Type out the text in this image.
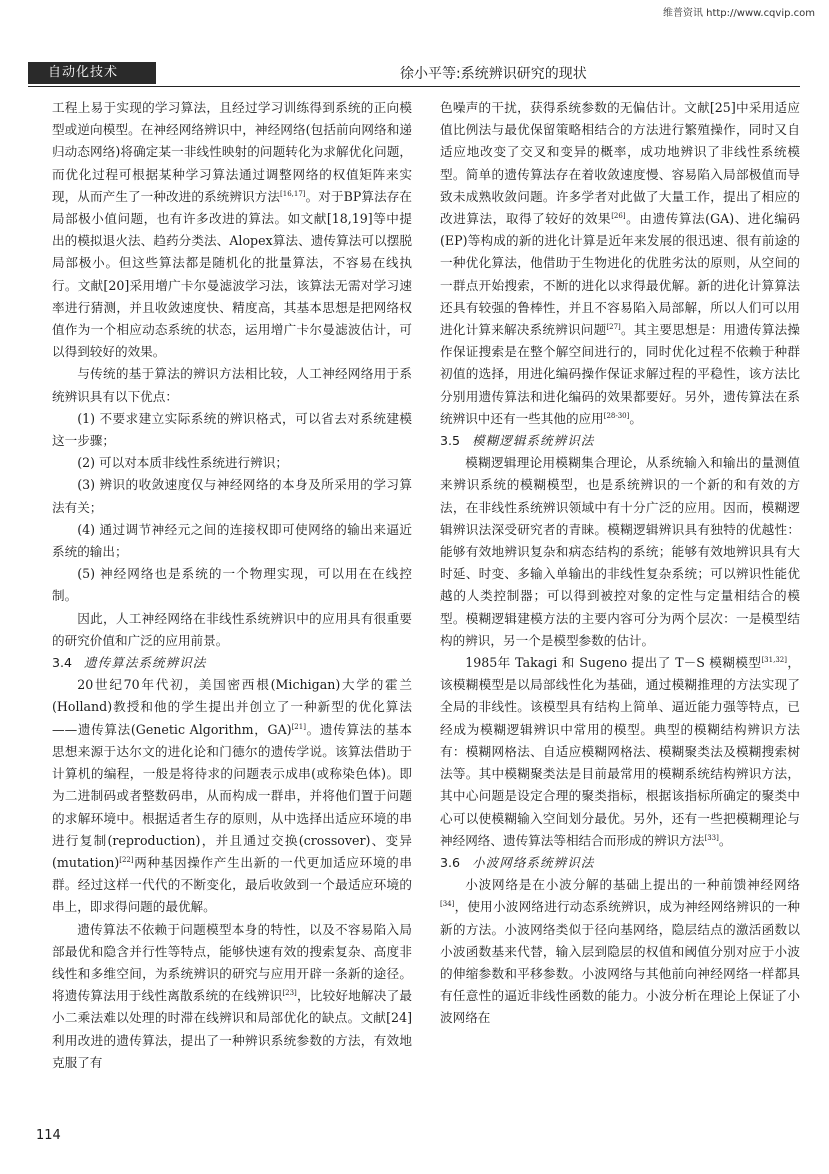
维普资讯 http://www.cqvip.com
自动化技术	徐小平等:系统辨识研究的现状

工程上易于实现的学习算法，且经过学习训练得到系统的正向模型或逆向模型。在神经网络辨识中，神经网络(包括前向网络和递归动态网络)将确定某一非线性映射的问题转化为求解优化问题，而优化过程可根据某种学习算法通过调整网络的权值矩阵来实现，从而产生了一种改进的系统辨识方法[16,17]。对于BP算法存在局部极小值问题，也有许多改进的算法。如文献[18,19]等中提出的模拟退火法、趋药分类法、Alopex算法、遗传算法可以摆脱局部极小。但这些算法都是随机化的批量算法，不容易在线执行。文献[20]采用增广卡尔曼滤波学习法，该算法无需对学习速率进行猜测，并且收敛速度快、精度高，其基本思想是把网络权值作为一个相应动态系统的状态，运用增广卡尔曼滤波估计，可以得到较好的效果。

与传统的基于算法的辨识方法相比较，人工神经网络用于系统辨识具有以下优点：

(1) 不要求建立实际系统的辨识格式，可以省去对系统建模这一步骤；

(2) 可以对本质非线性系统进行辨识；

(3) 辨识的收敛速度仅与神经网络的本身及所采用的学习算法有关；

(4) 通过调节神经元之间的连接权即可使网络的输出来逼近系统的输出；

(5) 神经网络也是系统的一个物理实现，可以用在在线控制。

因此，人工神经网络在非线性系统辨识中的应用具有很重要的研究价值和广泛的应用前景。

3.4 遗传算法系统辨识法

20世纪70年代初，美国密西根(Michigan)大学的霍兰(Holland)教授和他的学生提出并创立了一种新型的优化算法——遗传算法(Genetic Algorithm，GA)[21]。遗传算法的基本思想来源于达尔文的进化论和门德尔的遗传学说。该算法借助于计算机的编程，一般是将待求的问题表示成串(或称染色体)。即为二进制码或者整数码串，从而构成一群串，并将他们置于问题的求解环境中。根据适者生存的原则，从中选择出适应环境的串进行复制(reproduction)，并且通过交换(crossover)、变异(mutation)[22]两种基因操作产生出新的一代更加适应环境的串群。经过这样一代代的不断变化，最后收敛到一个最适应环境的串上，即求得问题的最优解。

遗传算法不依赖于问题模型本身的特性，以及不容易陷入局部最优和隐含并行性等特点，能够快速有效的搜索复杂、高度非线性和多维空间，为系统辨识的研究与应用开辟一条新的途径。将遗传算法用于线性离散系统的在线辨识[23]，比较好地解决了最小二乘法难以处理的时滞在线辨识和局部优化的缺点。文献[24]利用改进的遗传算法，提出了一种辨识系统参数的方法，有效地克服了有

色噪声的干扰，获得系统参数的无偏估计。文献[25]中采用适应值比例法与最优保留策略相结合的方法进行繁殖操作，同时又自适应地改变了交叉和变异的概率，成功地辨识了非线性系统模型。简单的遗传算法存在着收敛速度慢、容易陷入局部极值而导致未成熟收敛问题。许多学者对此做了大量工作，提出了相应的改进算法，取得了较好的效果[26]。由遗传算法(GA)、进化编码(EP)等构成的新的进化计算是近年来发展的很迅速、很有前途的一种优化算法，他借助于生物进化的优胜劣汰的原则，从空间的一群点开始搜索，不断的进化以求得最优解。新的进化计算算法还具有较强的鲁棒性，并且不容易陷入局部解，所以人们可以用进化计算来解决系统辨识问题[27]。其主要思想是：用遗传算法操作保证搜索是在整个解空间进行的，同时优化过程不依赖于种群初值的选择，用进化编码操作保证求解过程的平稳性，该方法比分别用遗传算法和进化编码的效果都要好。另外，遗传算法在系统辨识中还有一些其他的应用[28-30]。

3.5 模糊逻辑系统辨识法

模糊逻辑理论用模糊集合理论，从系统输入和输出的量测值来辨识系统的模糊模型，也是系统辨识的一个新的和有效的方法，在非线性系统辨识领域中有十分广泛的应用。因而，模糊逻辑辨识法深受研究者的青睐。模糊逻辑辨识具有独特的优越性：能够有效地辨识复杂和病态结构的系统；能够有效地辨识具有大时延、时变、多输入单输出的非线性复杂系统；可以辨识性能优越的人类控制器；可以得到被控对象的定性与定量相结合的模型。模糊逻辑建模方法的主要内容可分为两个层次：一是模型结构的辨识，另一个是模型参数的估计。

1985年 Takagi 和 Sugeno 提出了 T－S 模糊模型[31,32]，该模糊模型是以局部线性化为基础，通过模糊推理的方法实现了全局的非线性。该模型具有结构上简单、逼近能力强等特点，已经成为模糊逻辑辨识中常用的模型。典型的模糊结构辨识方法有：模糊网格法、自适应模糊网格法、模糊聚类法及模糊搜索树法等。其中模糊聚类法是目前最常用的模糊系统结构辨识方法，其中心问题是设定合理的聚类指标，根据该指标所确定的聚类中心可以使模糊输入空间划分最优。另外，还有一些把模糊理论与神经网络、遗传算法等相结合而形成的辨识方法[33]。

3.6 小波网络系统辨识法

小波网络是在小波分解的基础上提出的一种前馈神经网络[34]，使用小波网络进行动态系统辨识，成为神经网络辨识的一种新的方法。小波网络类似于径向基网络，隐层结点的激活函数以小波函数基来代替，输入层到隐层的权值和阈值分别对应于小波的伸缩参数和平移参数。小波网络与其他前向神经网络一样都具有任意性的逼近非线性函数的能力。小波分析在理论上保证了小波网络在

114
